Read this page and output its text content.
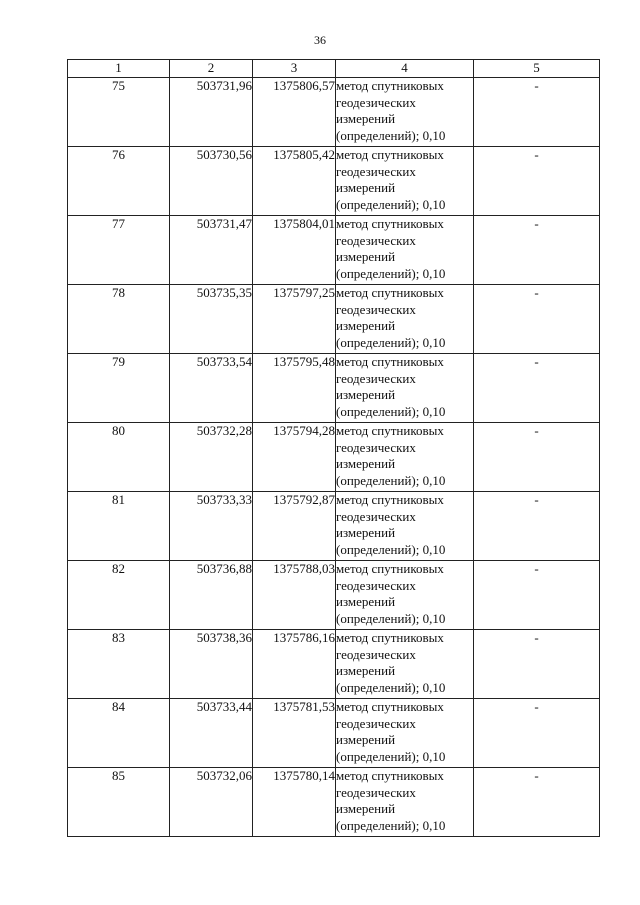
36
1	2	3	4	5
75	503731,96	1375806,57	метод спутниковых
геодезических
измерений
(определений); 0,10	-
76	503730,56	1375805,42	метод спутниковых
геодезических
измерений
(определений); 0,10	-
77	503731,47	1375804,01	метод спутниковых
геодезических
измерений
(определений); 0,10	-
78	503735,35	1375797,25	метод спутниковых
геодезических
измерений
(определений); 0,10	-
79	503733,54	1375795,48	метод спутниковых
геодезических
измерений
(определений); 0,10	-
80	503732,28	1375794,28	метод спутниковых
геодезических
измерений
(определений); 0,10	-
81	503733,33	1375792,87	метод спутниковых
геодезических
измерений
(определений); 0,10	-
82	503736,88	1375788,03	метод спутниковых
геодезических
измерений
(определений); 0,10	-
83	503738,36	1375786,16	метод спутниковых
геодезических
измерений
(определений); 0,10	-
84	503733,44	1375781,53	метод спутниковых
геодезических
измерений
(определений); 0,10	-
85	503732,06	1375780,14	метод спутниковых
геодезических
измерений
(определений); 0,10	-
